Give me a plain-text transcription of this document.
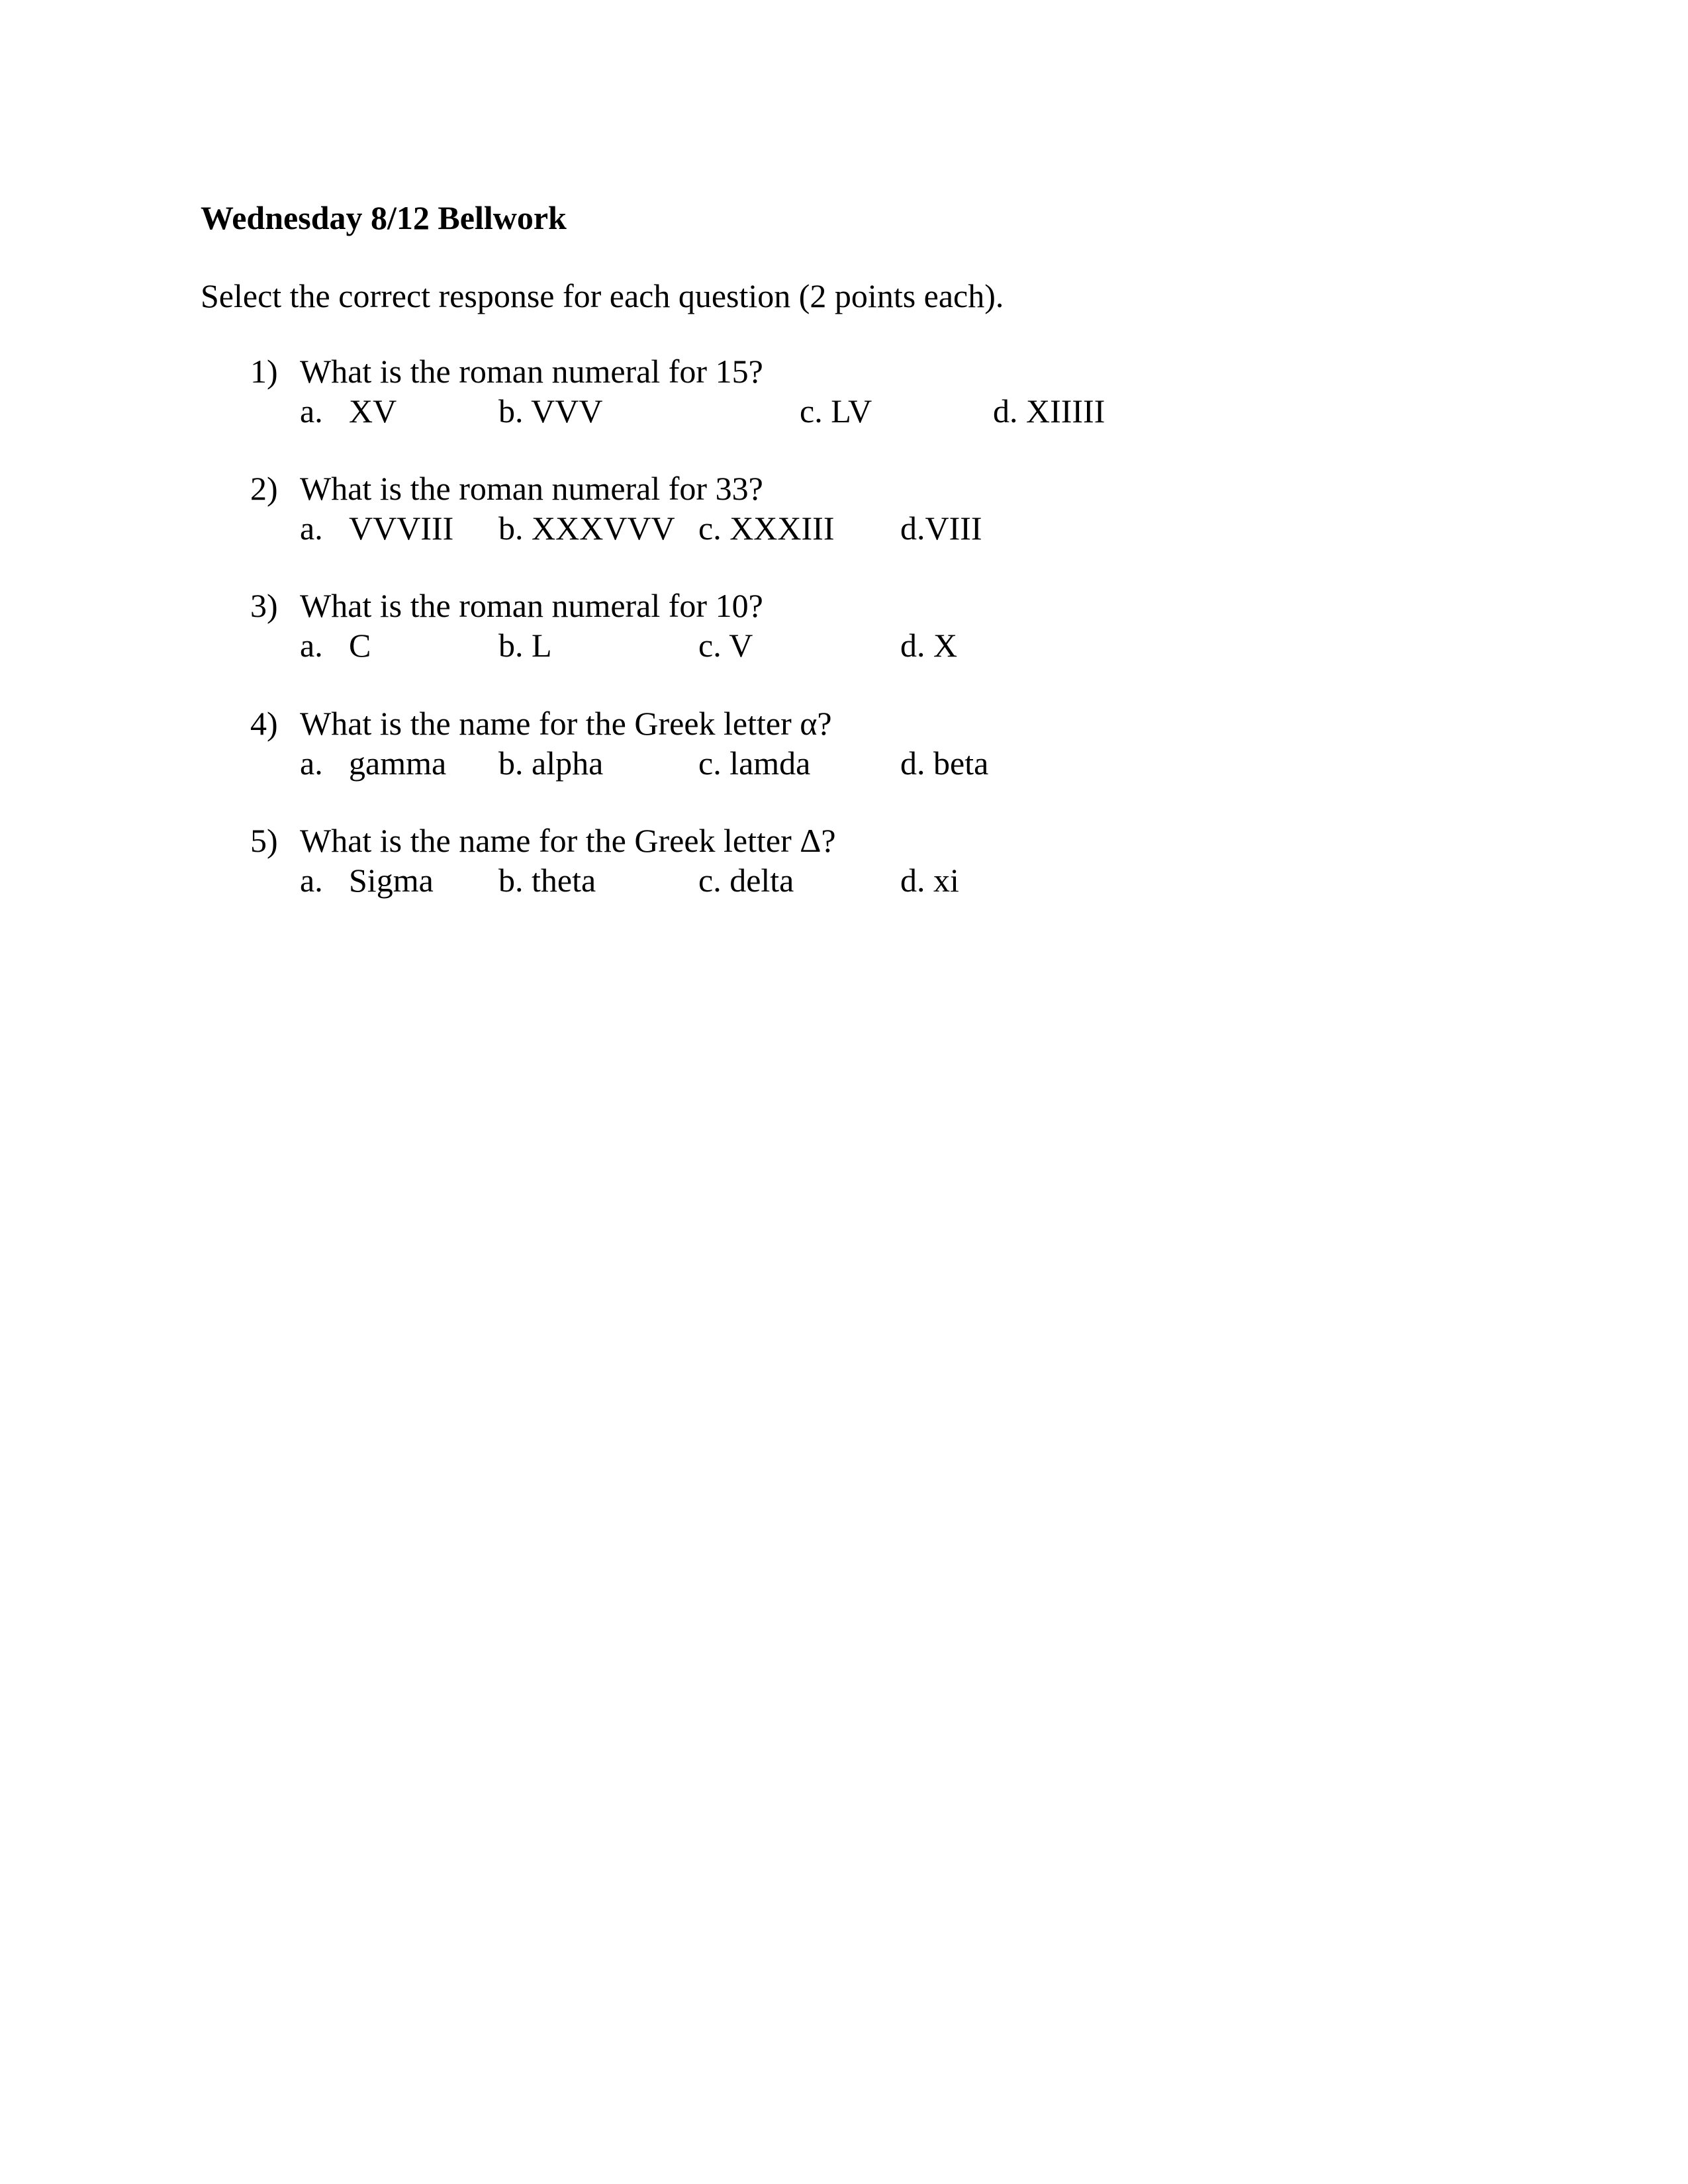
Wednesday 8/12 Bellwork
Select the correct response for each question (2 points each).
1) What is the roman numeral for 15?
a. XV	b. VVV	c. LV	d. XIIIII
2) What is the roman numeral for 33?
a. VVVIII b. XXXVVV c. XXXIII d.VIII
3) What is the roman numeral for 10?
a. C	b. L	c. V	d. X
4) What is the name for the Greek letter α?
a. gamma b. alpha	c. lamda	d. beta
5) What is the name for the Greek letter Δ?
a. Sigma b. theta	c. delta	d. xi
